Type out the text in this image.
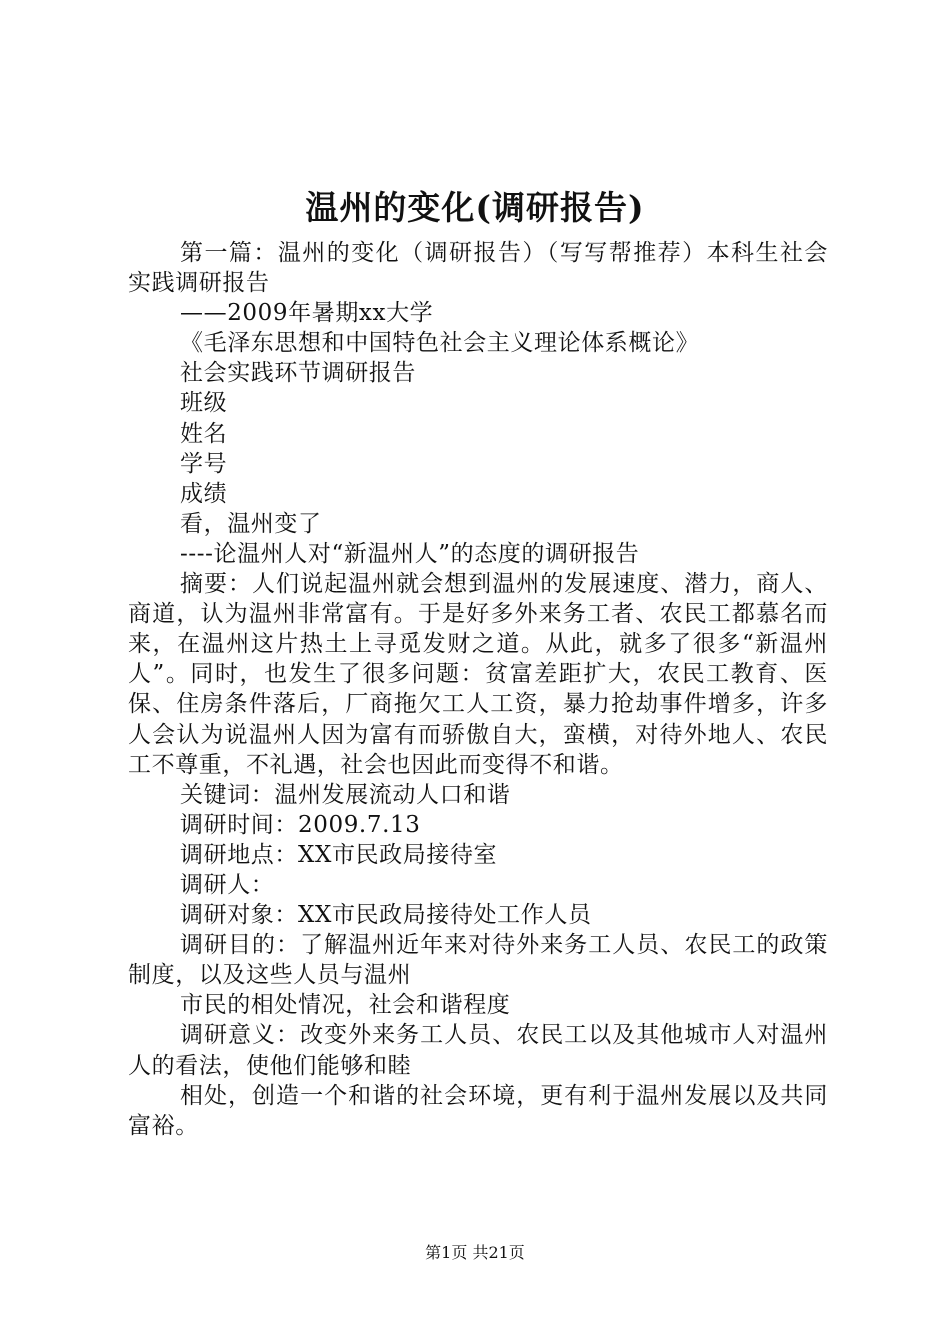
温州的变化(调研报告)

第一篇：温州的变化（调研报告）（写写帮推荐）本科生社会实践调研报告

——2009年暑期xx大学

《毛泽东思想和中国特色社会主义理论体系概论》

社会实践环节调研报告

班级

姓名

学号

成绩

看，温州变了

----论温州人对“新温州人”的态度的调研报告

摘要：人们说起温州就会想到温州的发展速度、潜力，商人、商道，认为温州非常富有。于是好多外来务工者、农民工都慕名而来，在温州这片热土上寻觅发财之道。从此，就多了很多“新温州人”。同时，也发生了很多问题：贫富差距扩大，农民工教育、医保、住房条件落后，厂商拖欠工人工资，暴力抢劫事件增多，许多人会认为说温州人因为富有而骄傲自大，蛮横，对待外地人、农民工不尊重，不礼遇，社会也因此而变得不和谐。

关键词：温州发展流动人口和谐

调研时间：2009.7.13

调研地点：XX市民政局接待室

调研人：

调研对象：XX市民政局接待处工作人员

调研目的：了解温州近年来对待外来务工人员、农民工的政策制度，以及这些人员与温州

市民的相处情况，社会和谐程度

调研意义：改变外来务工人员、农民工以及其他城市人对温州人的看法，使他们能够和睦

相处，创造一个和谐的社会环境，更有利于温州发展以及共同富裕。

第1页 共21页
